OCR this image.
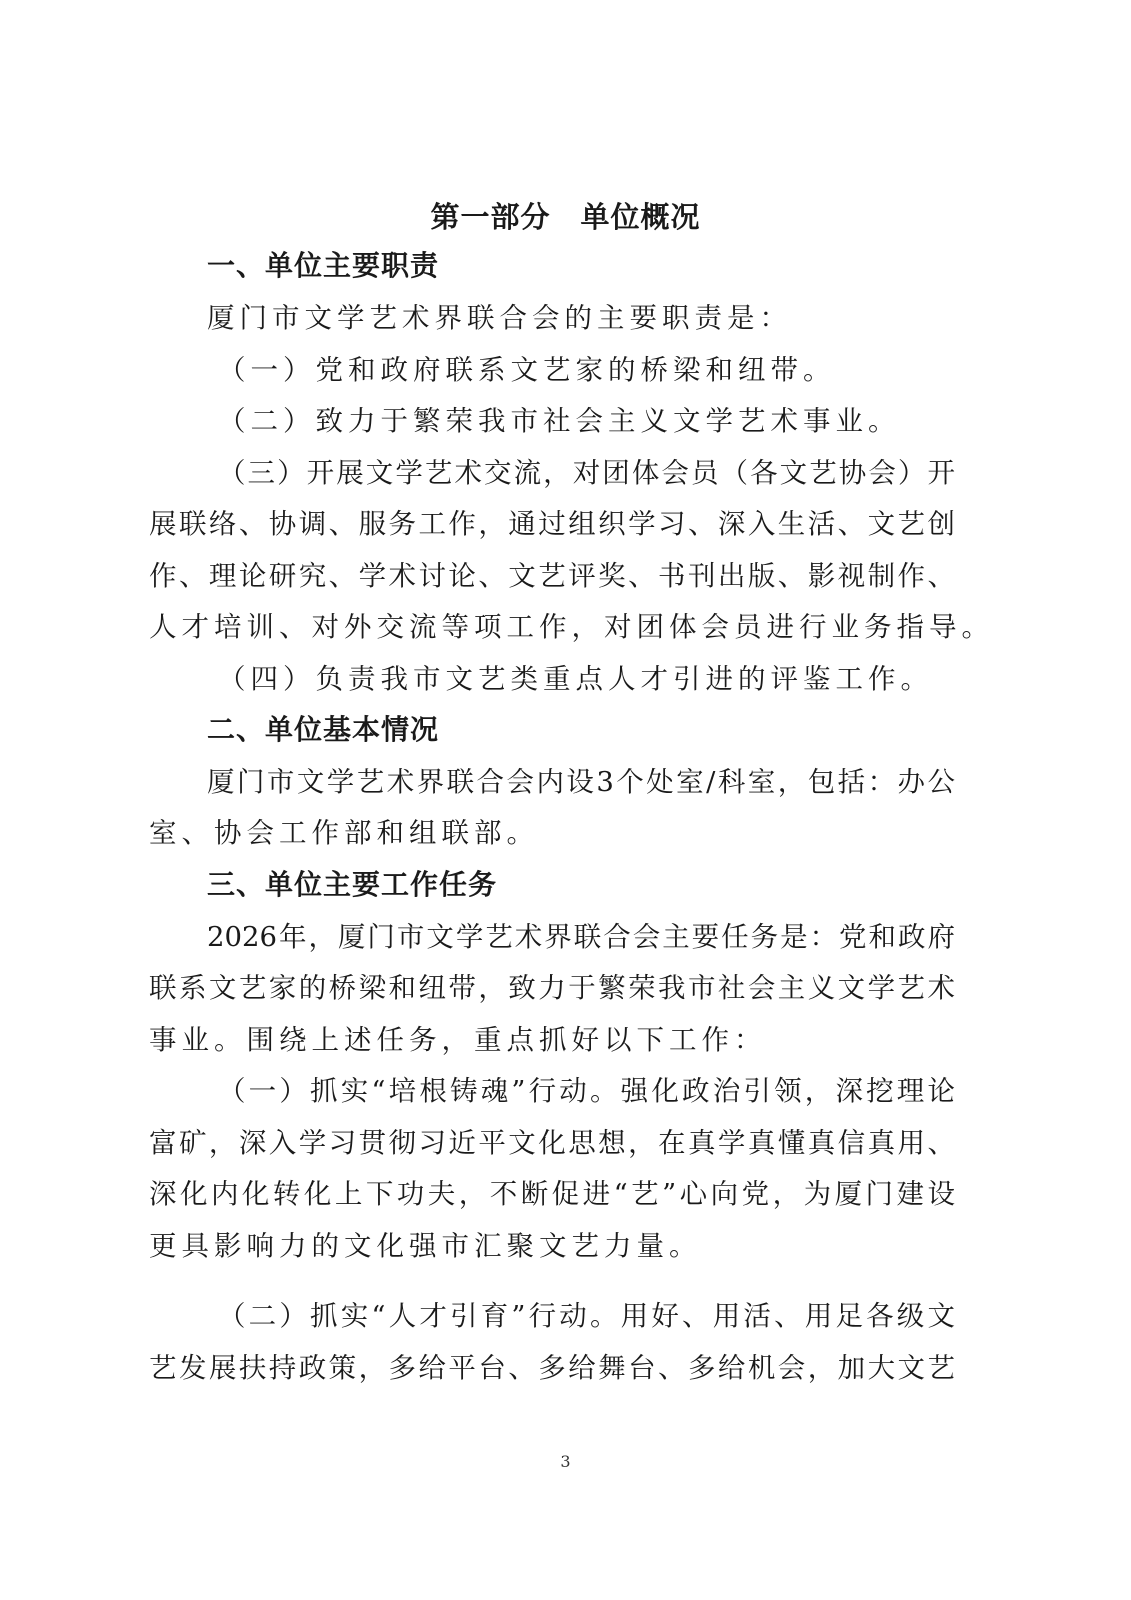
第一部分　单位概况
一、单位主要职责
厦门市文学艺术界联合会的主要职责是：
（一）党和政府联系文艺家的桥梁和纽带。
（二）致力于繁荣我市社会主义文学艺术事业。
（三）开展文学艺术交流，对团体会员（各文艺协会）开
展联络、协调、服务工作，通过组织学习、深入生活、文艺创
作、理论研究、学术讨论、文艺评奖、书刊出版、影视制作、
人才培训、对外交流等项工作，对团体会员进行业务指导。
（四）负责我市文艺类重点人才引进的评鉴工作。
二、单位基本情况
厦门市文学艺术界联合会内设3个处室/科室，包括：办公
室、协会工作部和组联部。
三、单位主要工作任务
2026年，厦门市文学艺术界联合会主要任务是：党和政府
联系文艺家的桥梁和纽带，致力于繁荣我市社会主义文学艺术
事业。围绕上述任务，重点抓好以下工作：
（一）抓实“培根铸魂”行动。强化政治引领，深挖理论
富矿，深入学习贯彻习近平文化思想，在真学真懂真信真用、
深化内化转化上下功夫，不断促进“艺”心向党，为厦门建设
更具影响力的文化强市汇聚文艺力量。
（二）抓实“人才引育”行动。用好、用活、用足各级文
艺发展扶持政策，多给平台、多给舞台、多给机会，加大文艺
3
